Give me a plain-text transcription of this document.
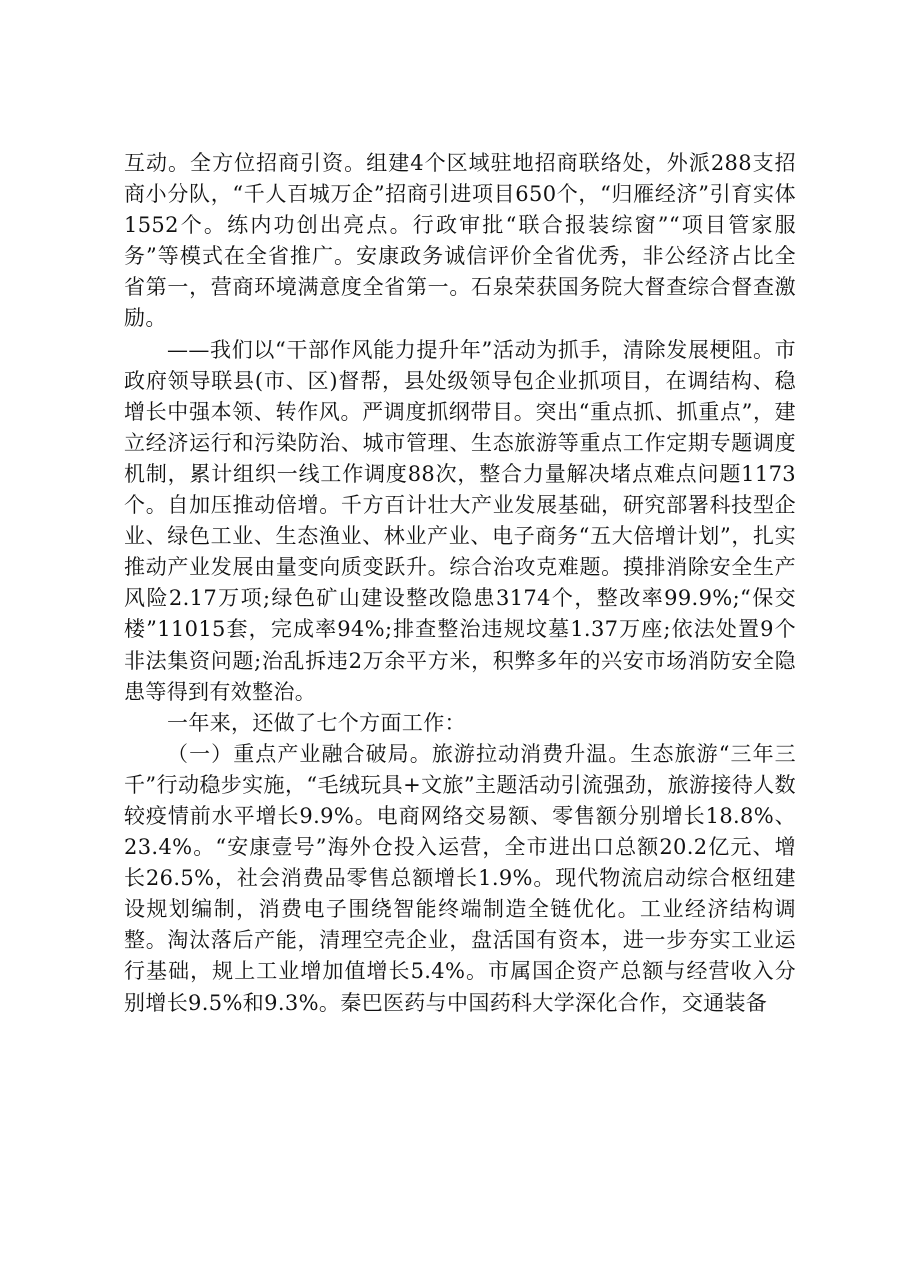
互动。全方位招商引资。组建4个区域驻地招商联络处，外派288支招商小分队，“千人百城万企”招商引进项目650个，“归雁经济”引育实体1552个。练内功创出亮点。行政审批“联合报装综窗”“项目管家服务”等模式在全省推广。安康政务诚信评价全省优秀，非公经济占比全省第一，营商环境满意度全省第一。石泉荣获国务院大督查综合督查激励。

——我们以“干部作风能力提升年”活动为抓手，清除发展梗阻。市政府领导联县(市、区)督帮，县处级领导包企业抓项目，在调结构、稳增长中强本领、转作风。严调度抓纲带目。突出“重点抓、抓重点”，建立经济运行和污染防治、城市管理、生态旅游等重点工作定期专题调度机制，累计组织一线工作调度88次，整合力量解决堵点难点问题1173个。自加压推动倍增。千方百计壮大产业发展基础，研究部署科技型企业、绿色工业、生态渔业、林业产业、电子商务“五大倍增计划”，扎实推动产业发展由量变向质变跃升。综合治攻克难题。摸排消除安全生产风险2.17万项;绿色矿山建设整改隐患3174个，整改率99.9%;“保交楼”11015套，完成率94%;排查整治违规坟墓1.37万座;依法处置9个非法集资问题;治乱拆违2万余平方米，积弊多年的兴安市场消防安全隐患等得到有效整治。

一年来，还做了七个方面工作：

（一）重点产业融合破局。旅游拉动消费升温。生态旅游“三年三千”行动稳步实施，“毛绒玩具+文旅”主题活动引流强劲，旅游接待人数较疫情前水平增长9.9%。电商网络交易额、零售额分别增长18.8%、23.4%。“安康壹号”海外仓投入运营，全市进出口总额20.2亿元、增长26.5%，社会消费品零售总额增长1.9%。现代物流启动综合枢纽建设规划编制，消费电子围绕智能终端制造全链优化。工业经济结构调整。淘汰落后产能，清理空壳企业，盘活国有资本，进一步夯实工业运行基础，规上工业增加值增长5.4%。市属国企资产总额与经营收入分别增长9.5%和9.3%。秦巴医药与中国药科大学深化合作，交通装备
